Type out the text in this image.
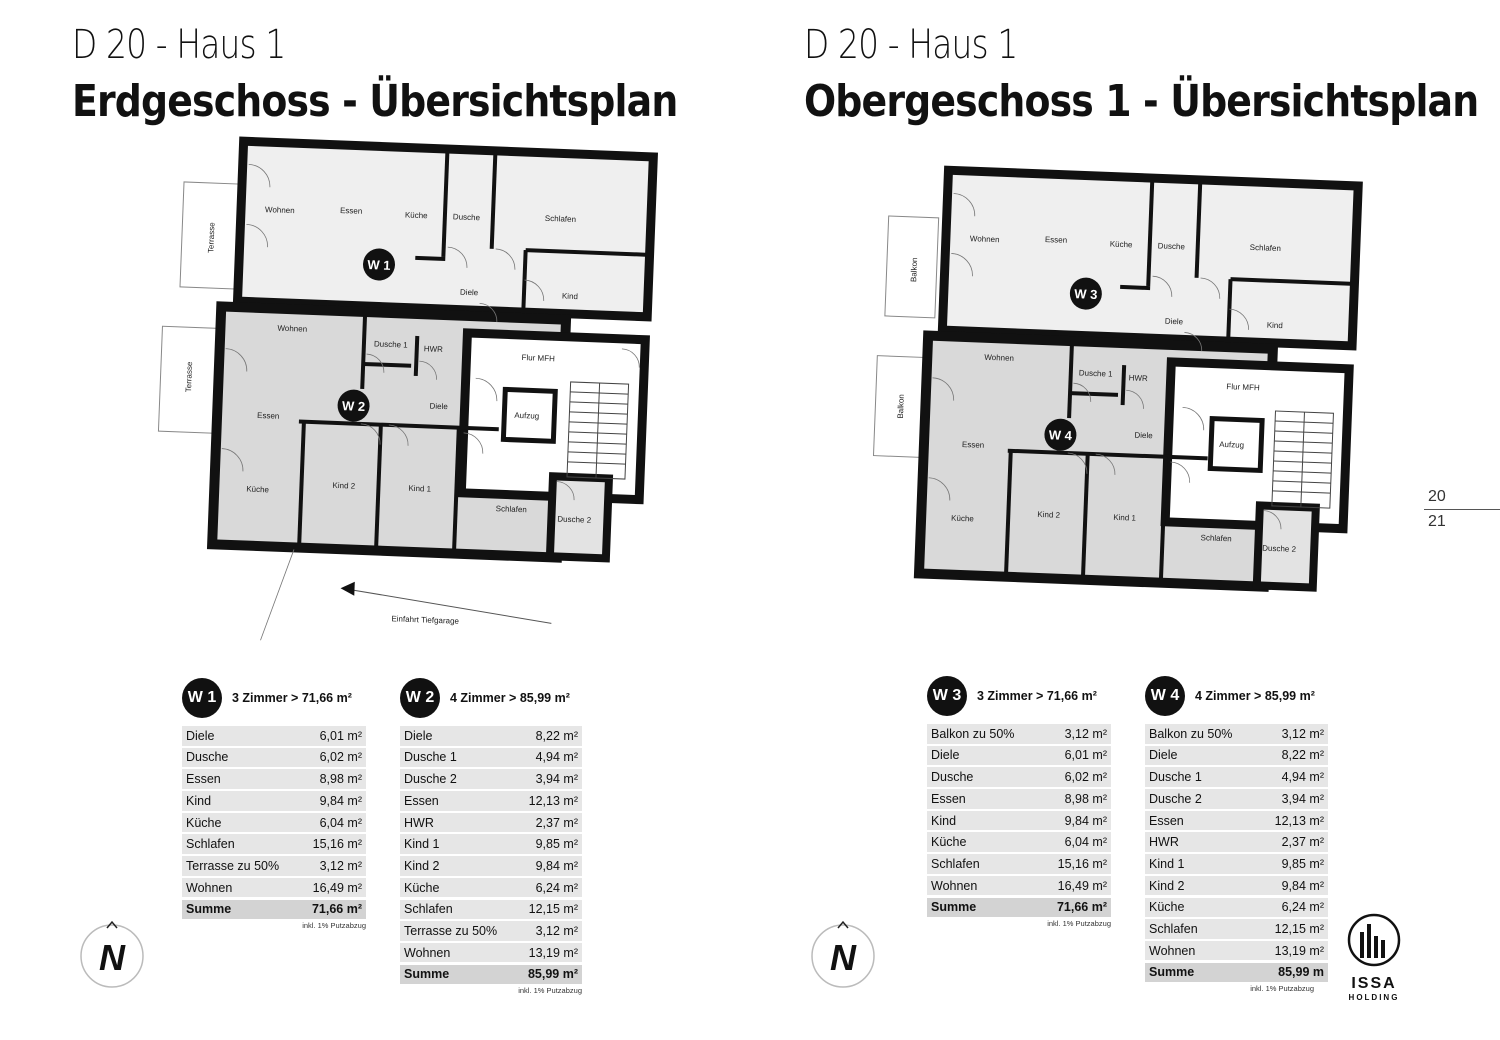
D 20 - Haus 1
Erdgeschoss - Übersichtsplan
D 20 - Haus 1
Obergeschoss 1 - Übersichtsplan
Wohnen	Essen	Küche	Dusche	Schlafen
Diele	Kind
Wohnen
Dusche 1 HWR
Flur MFH
Diele
Aufzug
Essen
Küche	Kind 2	Kind 1
Schlafen
Dusche 2
Einfahrt Tiefgarage
Terrasse
Terrasse
W 1
W 2
Wohnen	Essen	Küche	Dusche	Schlafen
Diele	Kind
Wohnen
Dusche 1 HWR
Flur MFH
Diele
Aufzug
Essen
Küche	Kind 2	Kind 1
Schlafen
Dusche 2
Balkon
Balkon
W 3
W 4
W 1	3 Zimmer > 71,66 m²
Diele	6,01 m²
Dusche	6,02 m²
Essen	8,98 m²
Kind	9,84 m²
Küche	6,04 m²
Schlafen	15,16 m²
Terrasse zu 50%	3,12 m²
Wohnen	16,49 m²
Summe	71,66 m²
inkl. 1% Putzabzug
W 2	4 Zimmer > 85,99 m²
Diele	8,22 m²
Dusche 1	4,94 m²
Dusche 2	3,94 m²
Essen	12,13 m²
HWR	2,37 m²
Kind 1	9,85 m²
Kind 2	9,84 m²
Küche	6,24 m²
Schlafen	12,15 m²
Terrasse zu 50%	3,12 m²
Wohnen	13,19 m²
Summe	85,99 m²
inkl. 1% Putzabzug
W 3	3 Zimmer > 71,66 m²
Balkon zu 50%	3,12 m²
Diele	6,01 m²
Dusche	6,02 m²
Essen	8,98 m²
Kind	9,84 m²
Küche	6,04 m²
Schlafen	15,16 m²
Wohnen	16,49 m²
Summe	71,66 m²
inkl. 1% Putzabzug
W 4	4 Zimmer > 85,99 m²
Balkon zu 50%	3,12 m²
Diele	8,22 m²
Dusche 1	4,94 m²
Dusche 2	3,94 m²
Essen	12,13 m²
HWR	2,37 m²
Kind 1	9,85 m²
Kind 2	9,84 m²
Küche	6,24 m²
Schlafen	12,15 m²
Wohnen	13,19 m²
Summe	85,99 m
inkl. 1% Putzabzug
N	N
20
21
ISSA
HOLDING
